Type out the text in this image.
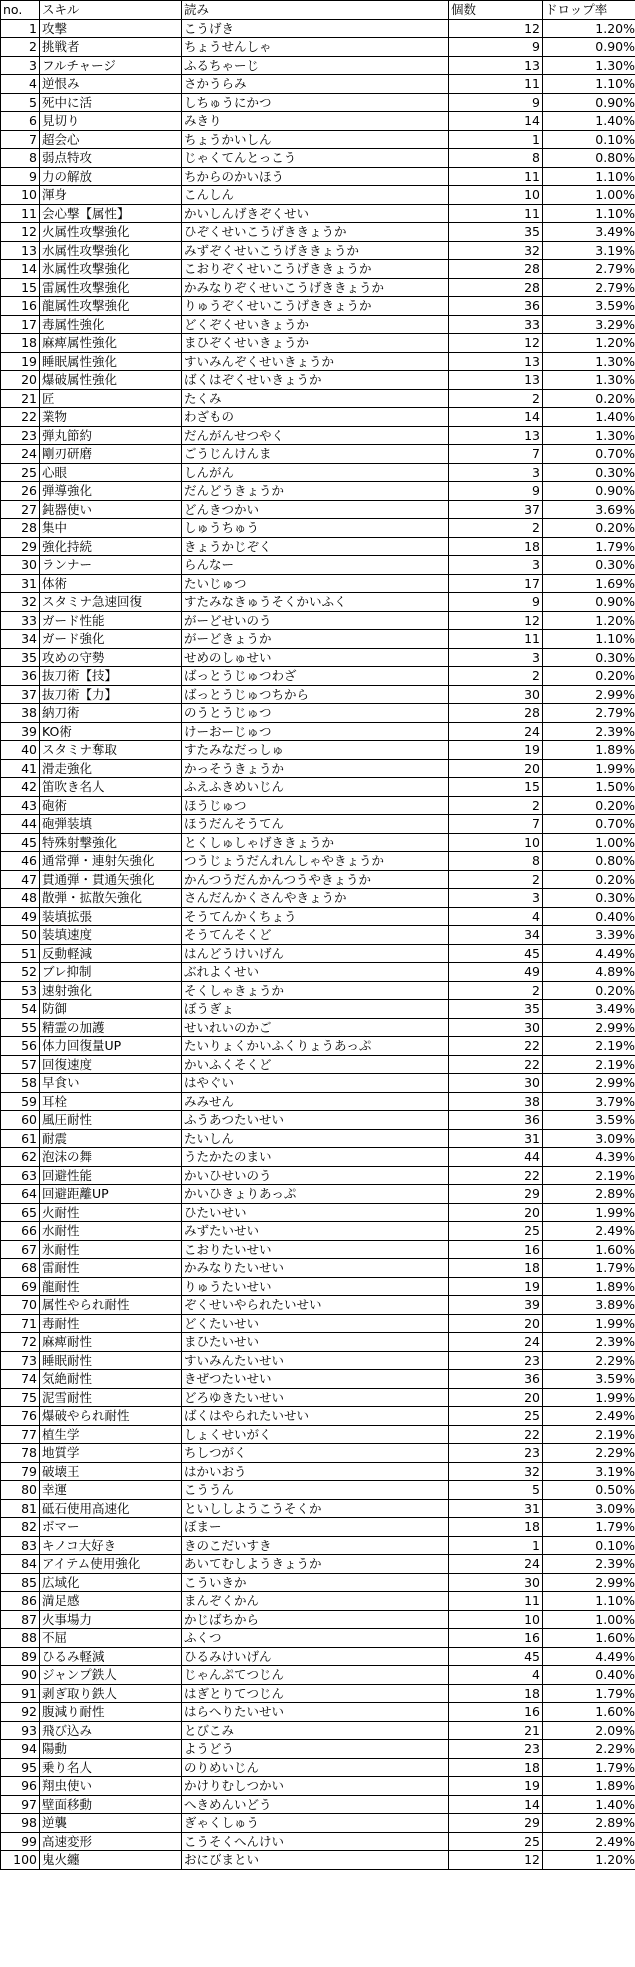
no.	スキル	読み	個数	ドロップ率
1	攻撃	こうげき	12	1.20%
2	挑戦者	ちょうせんしゃ	9	0.90%
3	フルチャージ	ふるちゃーじ	13	1.30%
4	逆恨み	さかうらみ	11	1.10%
5	死中に活	しちゅうにかつ	9	0.90%
6	見切り	みきり	14	1.40%
7	超会心	ちょうかいしん	1	0.10%
8	弱点特攻	じゃくてんとっこう	8	0.80%
9	力の解放	ちからのかいほう	11	1.10%
10	渾身	こんしん	10	1.00%
11	会心撃【属性】	かいしんげきぞくせい	11	1.10%
12	火属性攻撃強化	ひぞくせいこうげききょうか	35	3.49%
13	水属性攻撃強化	みずぞくせいこうげききょうか	32	3.19%
14	氷属性攻撃強化	こおりぞくせいこうげききょうか	28	2.79%
15	雷属性攻撃強化	かみなりぞくせいこうげききょうか	28	2.79%
16	龍属性攻撃強化	りゅうぞくせいこうげききょうか	36	3.59%
17	毒属性強化	どくぞくせいきょうか	33	3.29%
18	麻痺属性強化	まひぞくせいきょうか	12	1.20%
19	睡眠属性強化	すいみんぞくせいきょうか	13	1.30%
20	爆破属性強化	ばくはぞくせいきょうか	13	1.30%
21	匠	たくみ	2	0.20%
22	業物	わざもの	14	1.40%
23	弾丸節約	だんがんせつやく	13	1.30%
24	剛刃研磨	ごうじんけんま	7	0.70%
25	心眼	しんがん	3	0.30%
26	弾導強化	だんどうきょうか	9	0.90%
27	鈍器使い	どんきつかい	37	3.69%
28	集中	しゅうちゅう	2	0.20%
29	強化持続	きょうかじぞく	18	1.79%
30	ランナー	らんなー	3	0.30%
31	体術	たいじゅつ	17	1.69%
32	スタミナ急速回復	すたみなきゅうそくかいふく	9	0.90%
33	ガード性能	がーどせいのう	12	1.20%
34	ガード強化	がーどきょうか	11	1.10%
35	攻めの守勢	せめのしゅせい	3	0.30%
36	抜刀術【技】	ばっとうじゅつわざ	2	0.20%
37	抜刀術【力】	ばっとうじゅつちから	30	2.99%
38	納刀術	のうとうじゅつ	28	2.79%
39	KO術	けーおーじゅつ	24	2.39%
40	スタミナ奪取	すたみなだっしゅ	19	1.89%
41	滑走強化	かっそうきょうか	20	1.99%
42	笛吹き名人	ふえふきめいじん	15	1.50%
43	砲術	ほうじゅつ	2	0.20%
44	砲弾装填	ほうだんそうてん	7	0.70%
45	特殊射撃強化	とくしゅしゃげききょうか	10	1.00%
46	通常弾・連射矢強化	つうじょうだんれんしゃやきょうか	8	0.80%
47	貫通弾・貫通矢強化	かんつうだんかんつうやきょうか	2	0.20%
48	散弾・拡散矢強化	さんだんかくさんやきょうか	3	0.30%
49	装填拡張	そうてんかくちょう	4	0.40%
50	装填速度	そうてんそくど	34	3.39%
51	反動軽減	はんどうけいげん	45	4.49%
52	ブレ抑制	ぶれよくせい	49	4.89%
53	速射強化	そくしゃきょうか	2	0.20%
54	防御	ぼうぎょ	35	3.49%
55	精霊の加護	せいれいのかご	30	2.99%
56	体力回復量UP	たいりょくかいふくりょうあっぷ	22	2.19%
57	回復速度	かいふくそくど	22	2.19%
58	早食い	はやぐい	30	2.99%
59	耳栓	みみせん	38	3.79%
60	風圧耐性	ふうあつたいせい	36	3.59%
61	耐震	たいしん	31	3.09%
62	泡沫の舞	うたかたのまい	44	4.39%
63	回避性能	かいひせいのう	22	2.19%
64	回避距離UP	かいひきょりあっぷ	29	2.89%
65	火耐性	ひたいせい	20	1.99%
66	水耐性	みずたいせい	25	2.49%
67	氷耐性	こおりたいせい	16	1.60%
68	雷耐性	かみなりたいせい	18	1.79%
69	龍耐性	りゅうたいせい	19	1.89%
70	属性やられ耐性	ぞくせいやられたいせい	39	3.89%
71	毒耐性	どくたいせい	20	1.99%
72	麻痺耐性	まひたいせい	24	2.39%
73	睡眠耐性	すいみんたいせい	23	2.29%
74	気絶耐性	きぜつたいせい	36	3.59%
75	泥雪耐性	どろゆきたいせい	20	1.99%
76	爆破やられ耐性	ばくはやられたいせい	25	2.49%
77	植生学	しょくせいがく	22	2.19%
78	地質学	ちしつがく	23	2.29%
79	破壊王	はかいおう	32	3.19%
80	幸運	こううん	5	0.50%
81	砥石使用高速化	といししようこうそくか	31	3.09%
82	ボマー	ぼまー	18	1.79%
83	キノコ大好き	きのこだいすき	1	0.10%
84	アイテム使用強化	あいてむしようきょうか	24	2.39%
85	広域化	こういきか	30	2.99%
86	満足感	まんぞくかん	11	1.10%
87	火事場力	かじばちから	10	1.00%
88	不屈	ふくつ	16	1.60%
89	ひるみ軽減	ひるみけいげん	45	4.49%
90	ジャンプ鉄人	じゃんぷてつじん	4	0.40%
91	剥ぎ取り鉄人	はぎとりてつじん	18	1.79%
92	腹減り耐性	はらへりたいせい	16	1.60%
93	飛び込み	とびこみ	21	2.09%
94	陽動	ようどう	23	2.29%
95	乗り名人	のりめいじん	18	1.79%
96	翔虫使い	かけりむしつかい	19	1.89%
97	壁面移動	へきめんいどう	14	1.40%
98	逆襲	ぎゃくしゅう	29	2.89%
99	高速変形	こうそくへんけい	25	2.49%
100	鬼火纏	おにびまとい	12	1.20%
